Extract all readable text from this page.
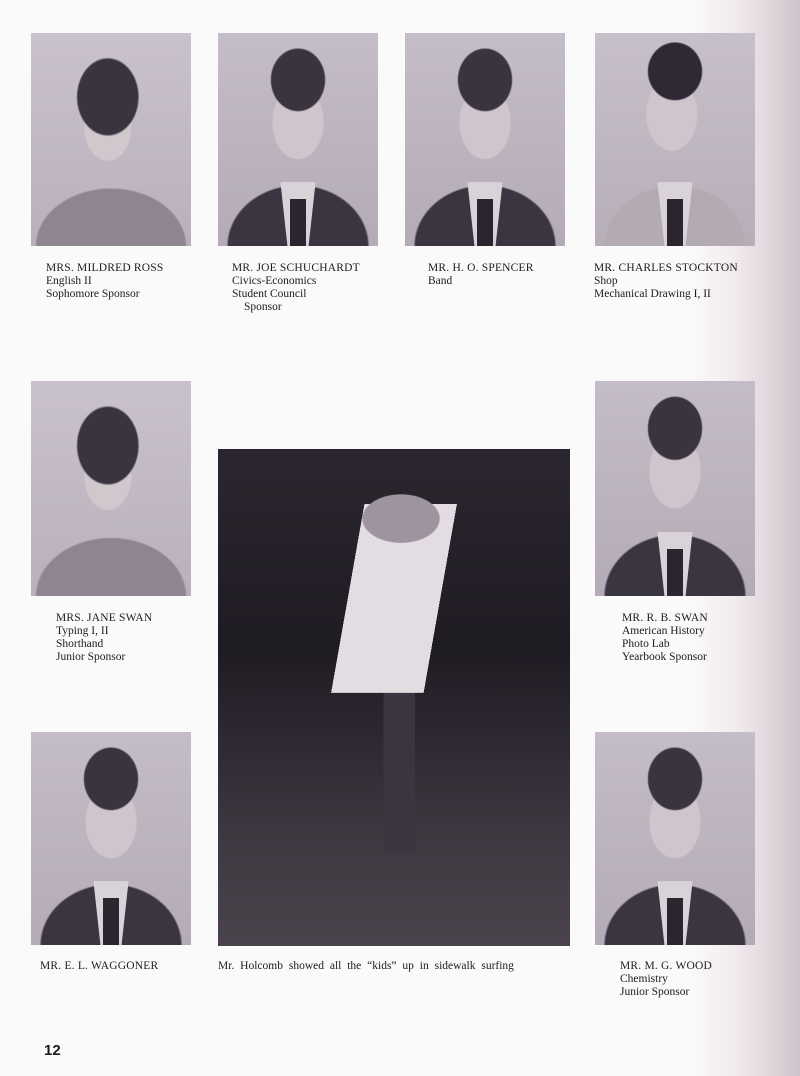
MRS. MILDRED ROSS
English II
Sophomore Sponsor
MR. JOE SCHUCHARDT
Civics-Economics
Student Council
Sponsor
MR. H. O. SPENCER
Band
MR. CHARLES STOCKTON
Shop
Mechanical Drawing I, II
MRS. JANE SWAN
Typing I, II
Shorthand
Junior Sponsor
MR. R. B. SWAN
American History
Photo Lab
Yearbook Sponsor
MR. E. L. WAGGONER	Mr. Holcomb showed all the “kids” up in sidewalk surfing	MR. M. G. WOOD
Chemistry
Junior Sponsor
12
